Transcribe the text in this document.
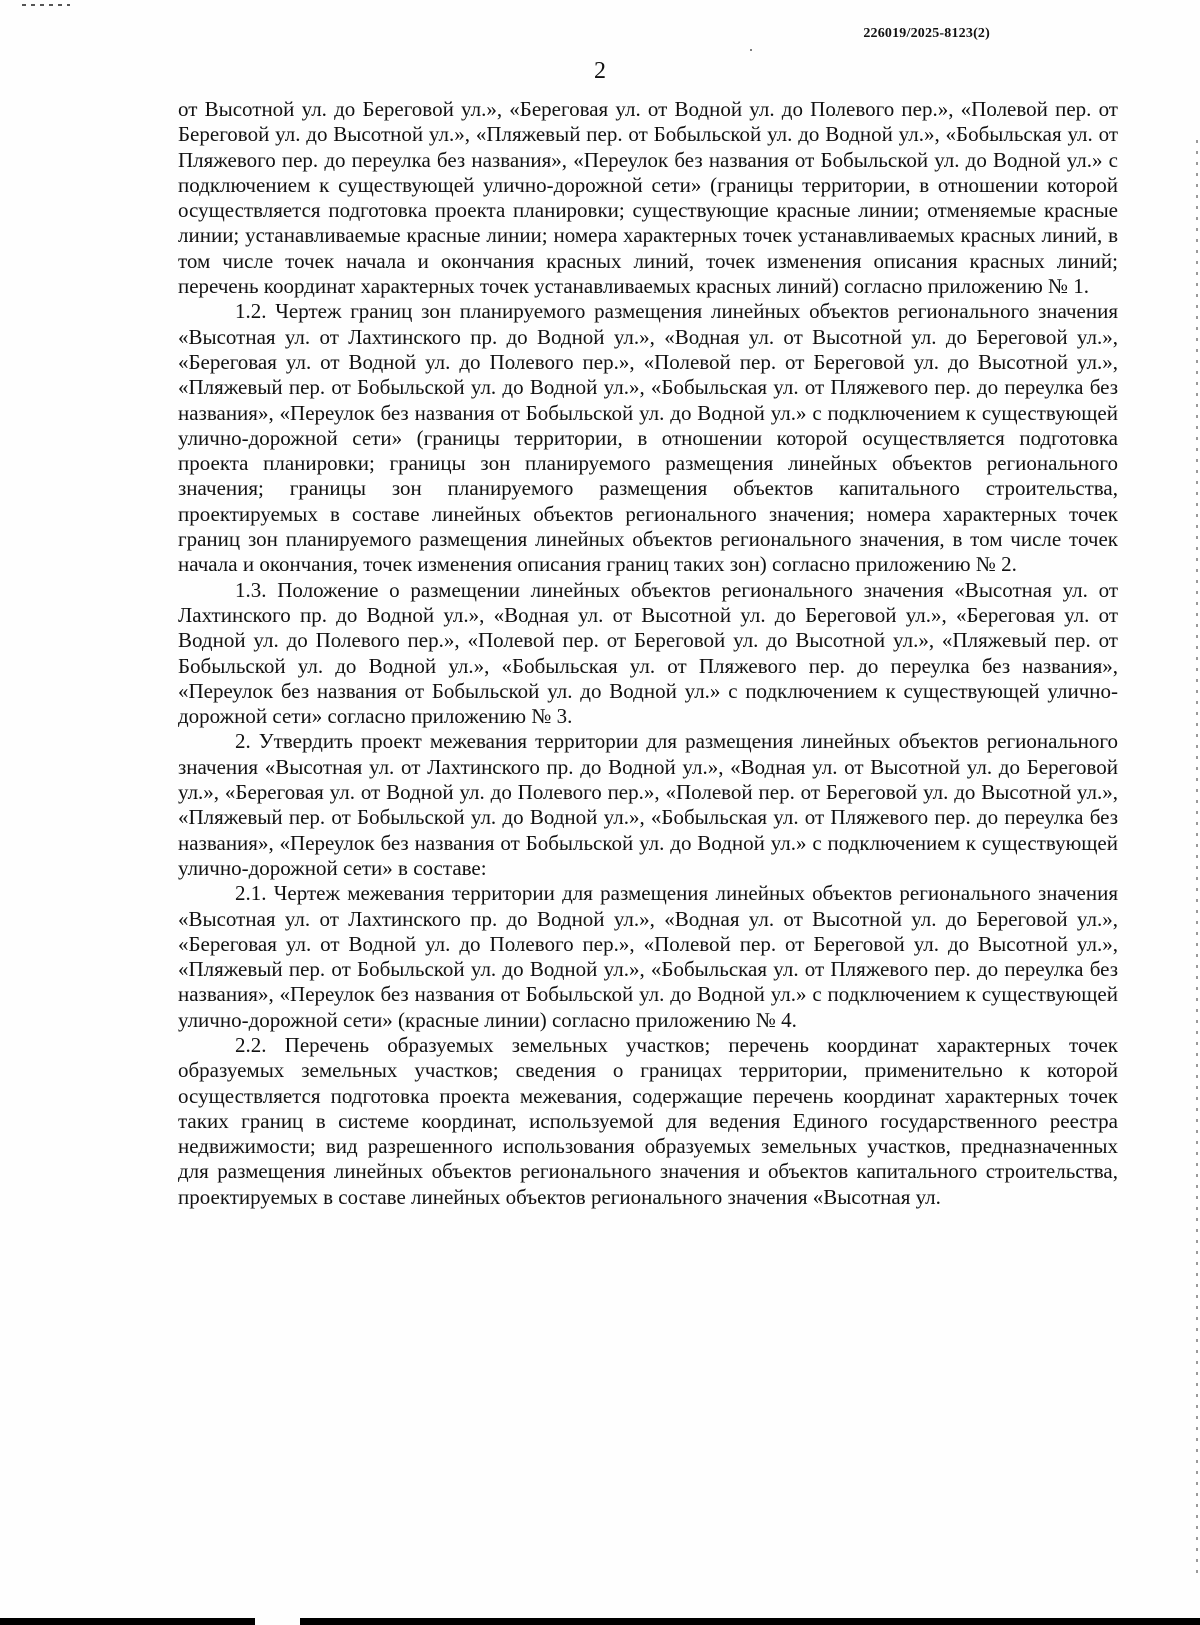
226019/2025-8123(2)
2

от Высотной ул. до Береговой ул.», «Береговая ул. от Водной ул. до Полевого пер.», «Полевой пер. от Береговой ул. до Высотной ул.», «Пляжевый пер. от Бобыльской ул. до Водной ул.», «Бобыльская ул. от Пляжевого пер. до переулка без названия», «Переулок без названия от Бобыльской ул. до Водной ул.» с подключением к существующей улично-дорожной сети» (границы территории, в отношении которой осуществляется подготовка проекта планировки; существующие красные линии; отменяемые красные линии; устанавливаемые красные линии; номера характерных точек устанавливаемых красных линий, в том числе точек начала и окончания красных линий, точек изменения описания красных линий; перечень координат характерных точек устанавливаемых красных линий) согласно приложению № 1.

1.2. Чертеж границ зон планируемого размещения линейных объектов регионального значения «Высотная ул. от Лахтинского пр. до Водной ул.», «Водная ул. от Высотной ул. до Береговой ул.», «Береговая ул. от Водной ул. до Полевого пер.», «Полевой пер. от Береговой ул. до Высотной ул.», «Пляжевый пер. от Бобыльской ул. до Водной ул.», «Бобыльская ул. от Пляжевого пер. до переулка без названия», «Переулок без названия от Бобыльской ул. до Водной ул.» с подключением к существующей улично-дорожной сети» (границы территории, в отношении которой осуществляется подготовка проекта планировки; границы зон планируемого размещения линейных объектов регионального значения; границы зон планируемого размещения объектов капитального строительства, проектируемых в составе линейных объектов регионального значения; номера характерных точек границ зон планируемого размещения линейных объектов регионального значения, в том числе точек начала и окончания, точек изменения описания границ таких зон) согласно приложению № 2.

1.3. Положение о размещении линейных объектов регионального значения «Высотная ул. от Лахтинского пр. до Водной ул.», «Водная ул. от Высотной ул. до Береговой ул.», «Береговая ул. от Водной ул. до Полевого пер.», «Полевой пер. от Береговой ул. до Высотной ул.», «Пляжевый пер. от Бобыльской ул. до Водной ул.», «Бобыльская ул. от Пляжевого пер. до переулка без названия», «Переулок без названия от Бобыльской ул. до Водной ул.» с подключением к существующей улично-дорожной сети» согласно приложению № 3.

2. Утвердить проект межевания территории для размещения линейных объектов регионального значения «Высотная ул. от Лахтинского пр. до Водной ул.», «Водная ул. от Высотной ул. до Береговой ул.», «Береговая ул. от Водной ул. до Полевого пер.», «Полевой пер. от Береговой ул. до Высотной ул.», «Пляжевый пер. от Бобыльской ул. до Водной ул.», «Бобыльская ул. от Пляжевого пер. до переулка без названия», «Переулок без названия от Бобыльской ул. до Водной ул.» с подключением к существующей улично-дорожной сети» в составе:

2.1. Чертеж межевания территории для размещения линейных объектов регионального значения «Высотная ул. от Лахтинского пр. до Водной ул.», «Водная ул. от Высотной ул. до Береговой ул.», «Береговая ул. от Водной ул. до Полевого пер.», «Полевой пер. от Береговой ул. до Высотной ул.», «Пляжевый пер. от Бобыльской ул. до Водной ул.», «Бобыльская ул. от Пляжевого пер. до переулка без названия», «Переулок без названия от Бобыльской ул. до Водной ул.» с подключением к существующей улично-дорожной сети» (красные линии) согласно приложению № 4.

2.2. Перечень образуемых земельных участков; перечень координат характерных точек образуемых земельных участков; сведения о границах территории, применительно к которой осуществляется подготовка проекта межевания, содержащие перечень координат характерных точек таких границ в системе координат, используемой для ведения Единого государственного реестра недвижимости; вид разрешенного использования образуемых земельных участков, предназначенных для размещения линейных объектов регионального значения и объектов капитального строительства, проектируемых в составе линейных объектов регионального значения «Высотная ул.
